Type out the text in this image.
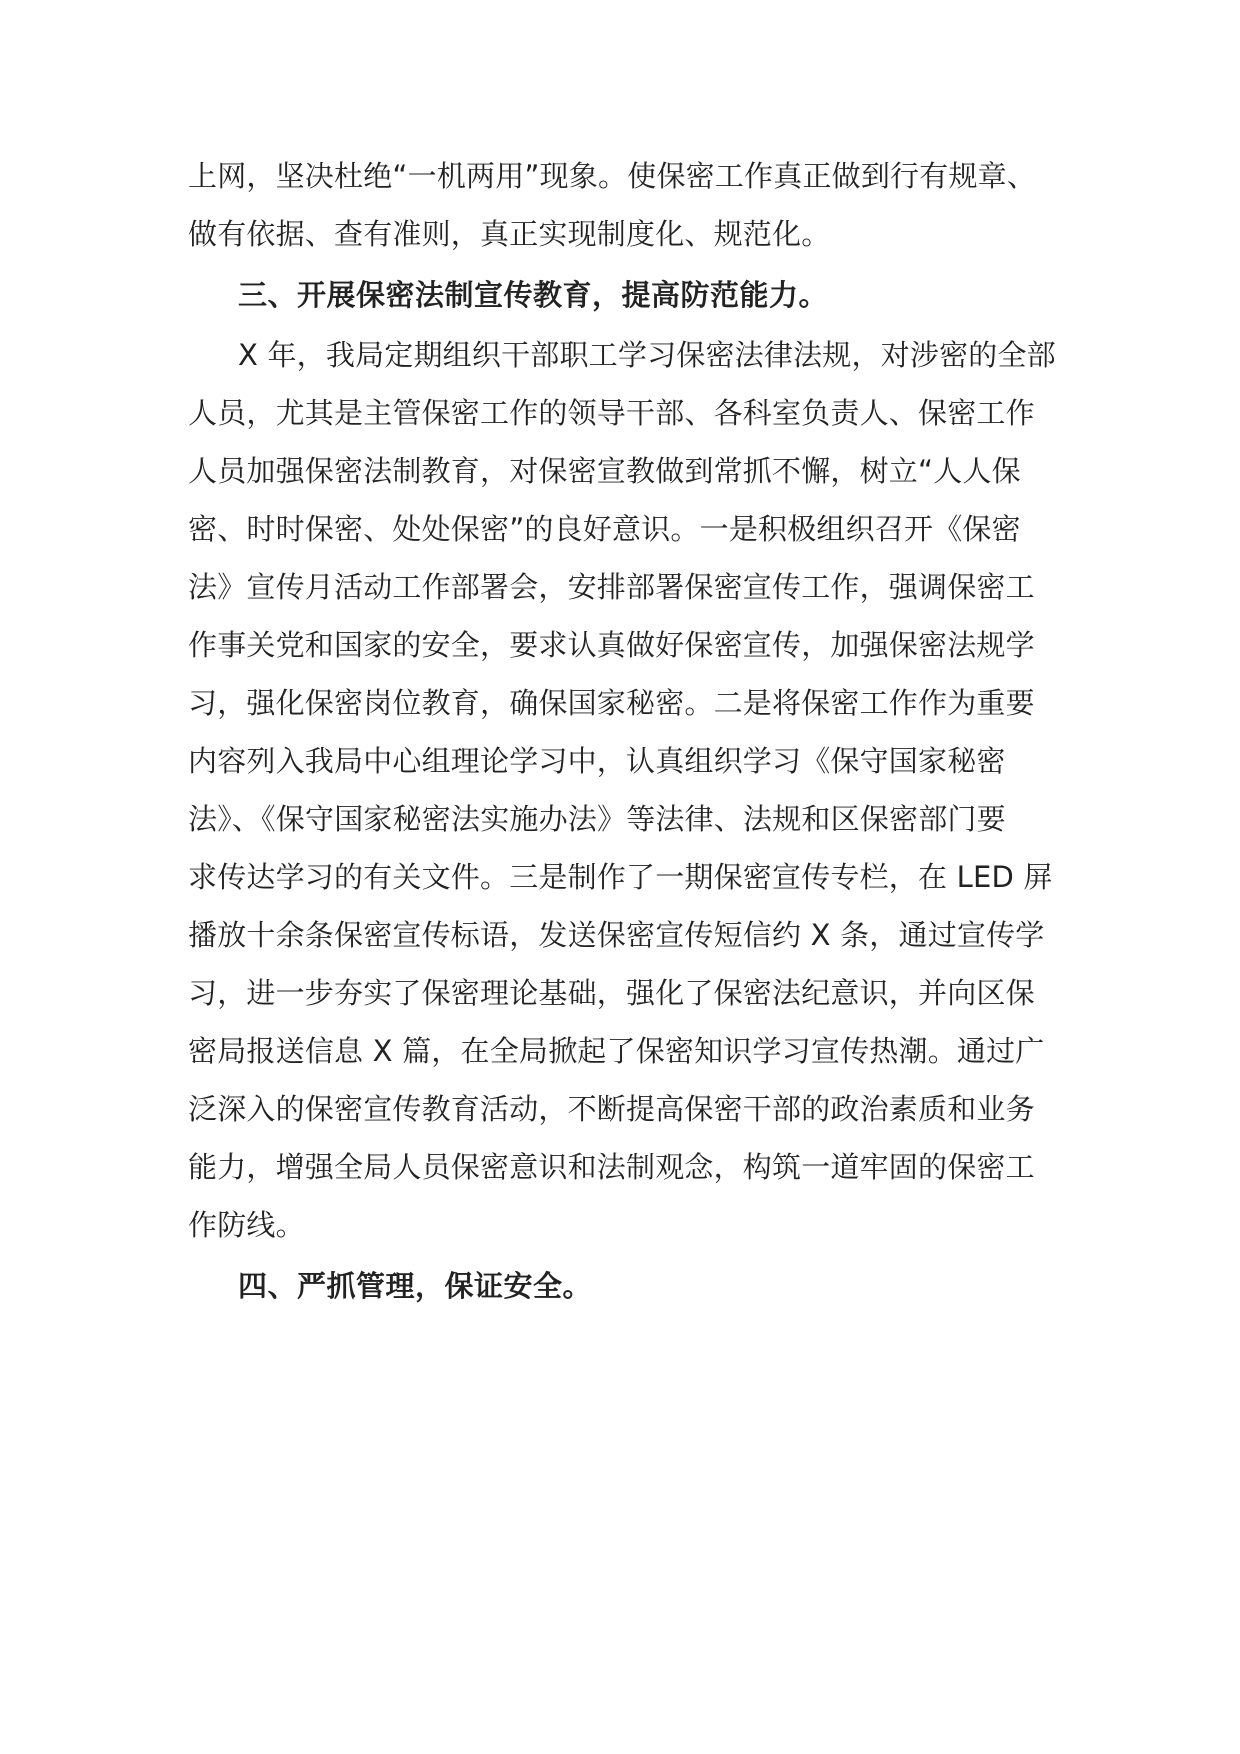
上网，坚决杜绝“一机两用”现象。使保密工作真正做到行有规章、
做有依据、查有准则，真正实现制度化、规范化。
三、开展保密法制宣传教育，提高防范能力。
X 年，我局定期组织干部职工学习保密法律法规，对涉密的全部
人员，尤其是主管保密工作的领导干部、各科室负责人、保密工作
人员加强保密法制教育，对保密宣教做到常抓不懈，树立“人人保
密、时时保密、处处保密”的良好意识。一是积极组织召开《保密
法》宣传月活动工作部署会，安排部署保密宣传工作，强调保密工
作事关党和国家的安全，要求认真做好保密宣传，加强保密法规学
习，强化保密岗位教育，确保国家秘密。二是将保密工作作为重要
内容列入我局中心组理论学习中，认真组织学习《保守国家秘密
法》、《保守国家秘密法实施办法》等法律、法规和区保密部门要
求传达学习的有关文件。三是制作了一期保密宣传专栏，在 LED 屏
播放十余条保密宣传标语，发送保密宣传短信约 X 条，通过宣传学
习，进一步夯实了保密理论基础，强化了保密法纪意识，并向区保
密局报送信息 X 篇，在全局掀起了保密知识学习宣传热潮。通过广
泛深入的保密宣传教育活动，不断提高保密干部的政治素质和业务
能力，增强全局人员保密意识和法制观念，构筑一道牢固的保密工
作防线。
四、严抓管理，保证安全。
